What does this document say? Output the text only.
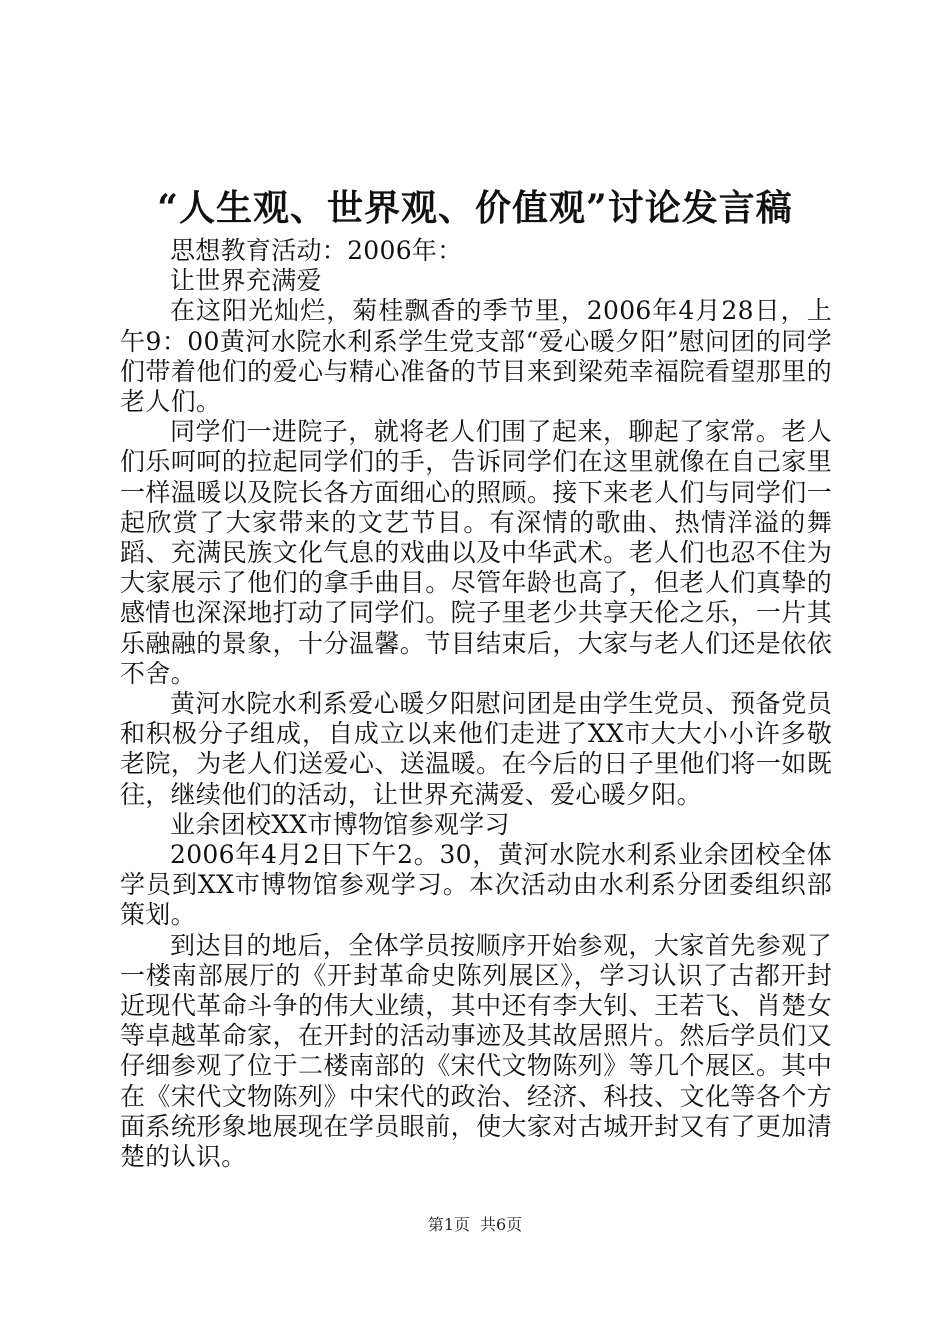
“人生观、世界观、价值观”讨论发言稿

思想教育活动：2006年：

让世界充满爱

在这阳光灿烂，菊桂飘香的季节里，2006年4月28日，上午9：00黄河水院水利系学生党支部“爱心暖夕阳”慰问团的同学们带着他们的爱心与精心准备的节目来到梁苑幸福院看望那里的老人们。

同学们一进院子，就将老人们围了起来，聊起了家常。老人们乐呵呵的拉起同学们的手，告诉同学们在这里就像在自己家里一样温暖以及院长各方面细心的照顾。接下来老人们与同学们一起欣赏了大家带来的文艺节目。有深情的歌曲、热情洋溢的舞蹈、充满民族文化气息的戏曲以及中华武术。老人们也忍不住为大家展示了他们的拿手曲目。尽管年龄也高了，但老人们真挚的感情也深深地打动了同学们。院子里老少共享天伦之乐，一片其乐融融的景象，十分温馨。节目结束后，大家与老人们还是依依不舍。

黄河水院水利系爱心暖夕阳慰问团是由学生党员、预备党员和积极分子组成，自成立以来他们走进了XX市大大小小许多敬老院，为老人们送爱心、送温暖。在今后的日子里他们将一如既往，继续他们的活动，让世界充满爱、爱心暖夕阳。

业余团校XX市博物馆参观学习

2006年4月2日下午2。30，黄河水院水利系业余团校全体学员到XX市博物馆参观学习。本次活动由水利系分团委组织部策划。

到达目的地后，全体学员按顺序开始参观，大家首先参观了一楼南部展厅的《开封革命史陈列展区》，学习认识了古都开封近现代革命斗争的伟大业绩，其中还有李大钊、王若飞、肖楚女等卓越革命家，在开封的活动事迹及其故居照片。然后学员们又仔细参观了位于二楼南部的《宋代文物陈列》等几个展区。其中在《宋代文物陈列》中宋代的政治、经济、科技、文化等各个方面系统形象地展现在学员眼前，使大家对古城开封又有了更加清楚的认识。

第1页 共6页
